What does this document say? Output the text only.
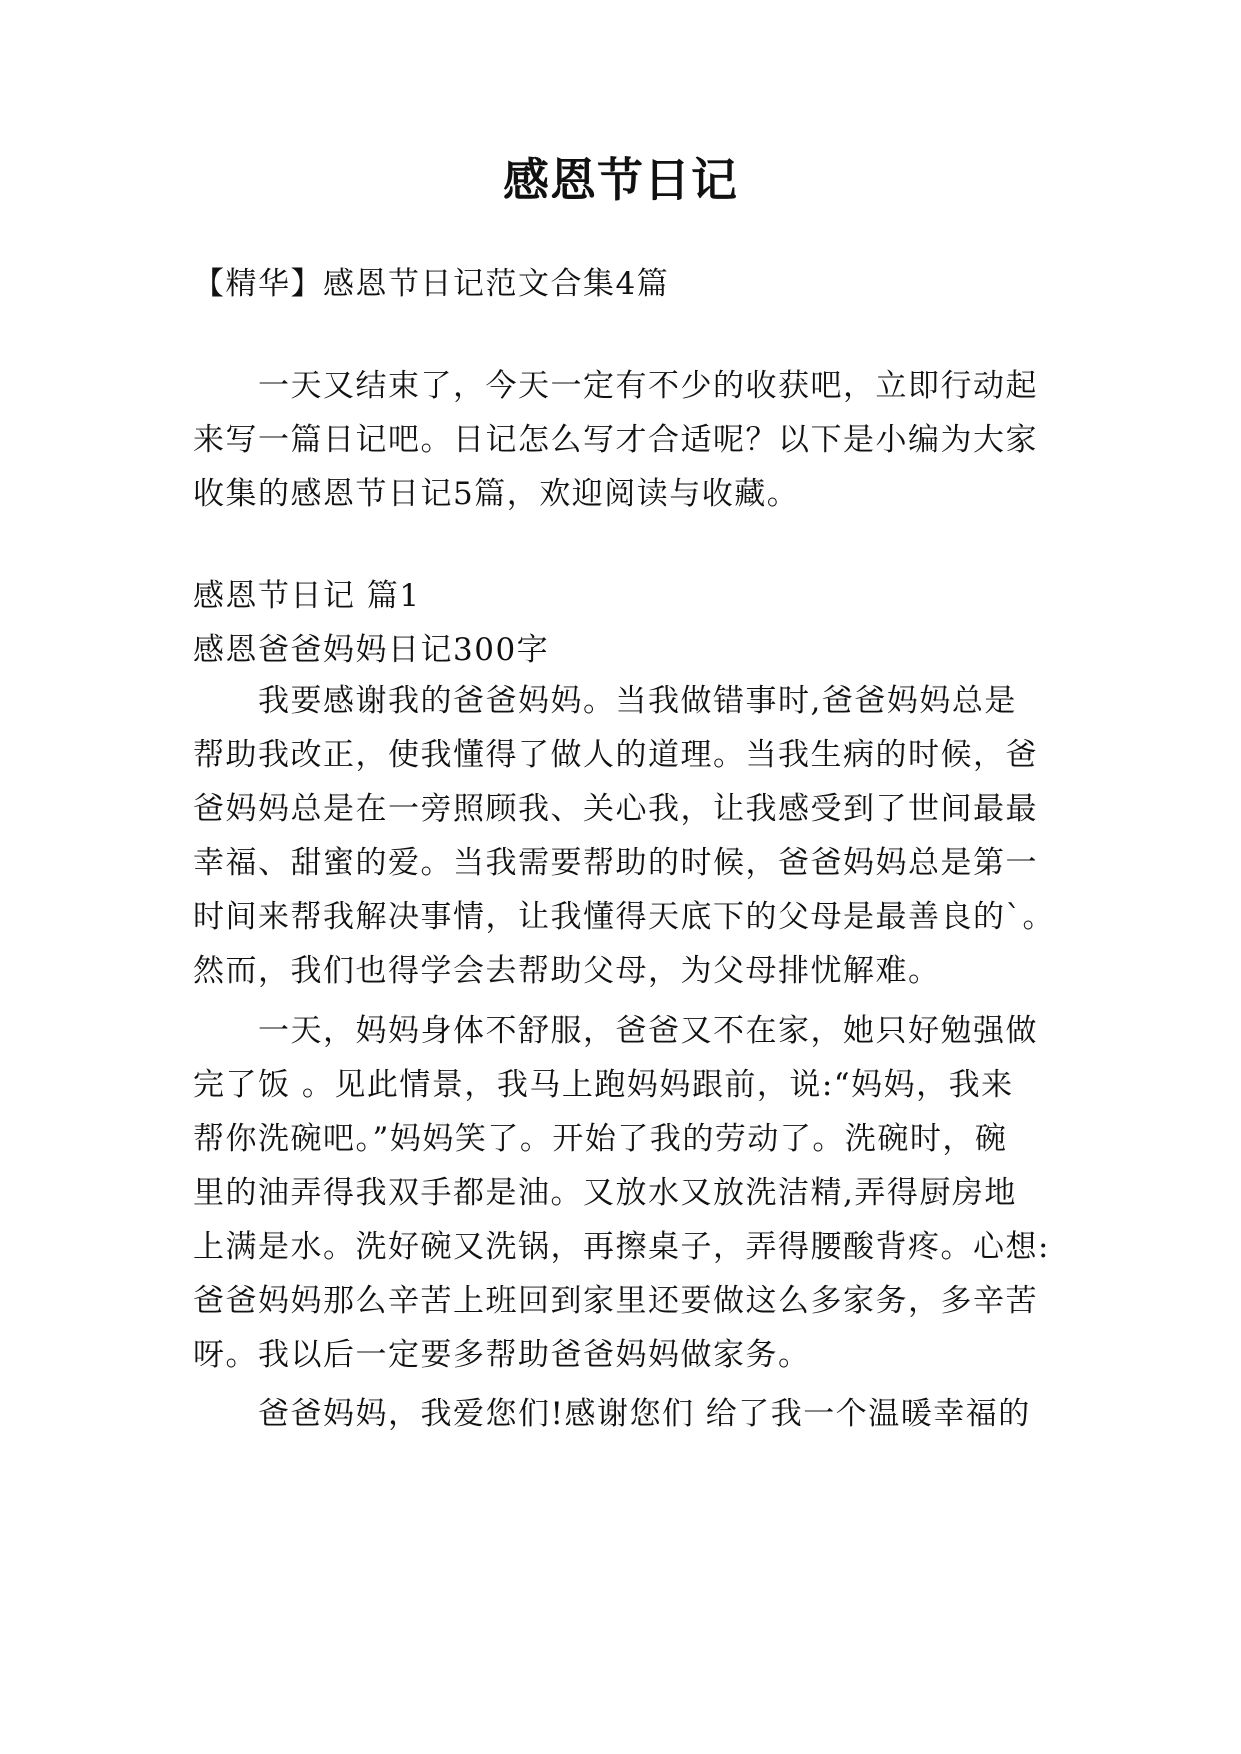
感恩节日记
【精华】感恩节日记范文合集4篇
一天又结束了，今天一定有不少的收获吧，立即行动起
来写一篇日记吧。日记怎么写才合适呢？以下是小编为大家
收集的感恩节日记5篇，欢迎阅读与收藏。
感恩节日记 篇1
感恩爸爸妈妈日记300字
我要感谢我的爸爸妈妈。当我做错事时,爸爸妈妈总是
帮助我改正，使我懂得了做人的道理。当我生病的时候，爸
爸妈妈总是在一旁照顾我、关心我，让我感受到了世间最最
幸福、甜蜜的爱。当我需要帮助的时候，爸爸妈妈总是第一
时间来帮我解决事情，让我懂得天底下的父母是最善良的`。
然而，我们也得学会去帮助父母，为父母排忧解难。
一天，妈妈身体不舒服，爸爸又不在家，她只好勉强做
完了饭 。见此情景，我马上跑妈妈跟前，说:“妈妈，我来
帮你洗碗吧。”妈妈笑了。开始了我的劳动了。洗碗时，碗
里的油弄得我双手都是油。又放水又放洗洁精,弄得厨房地
上满是水。洗好碗又洗锅，再擦桌子，弄得腰酸背疼。心想:
爸爸妈妈那么辛苦上班回到家里还要做这么多家务，多辛苦
呀。我以后一定要多帮助爸爸妈妈做家务。
爸爸妈妈，我爱您们!感谢您们 给了我一个温暖幸福的
